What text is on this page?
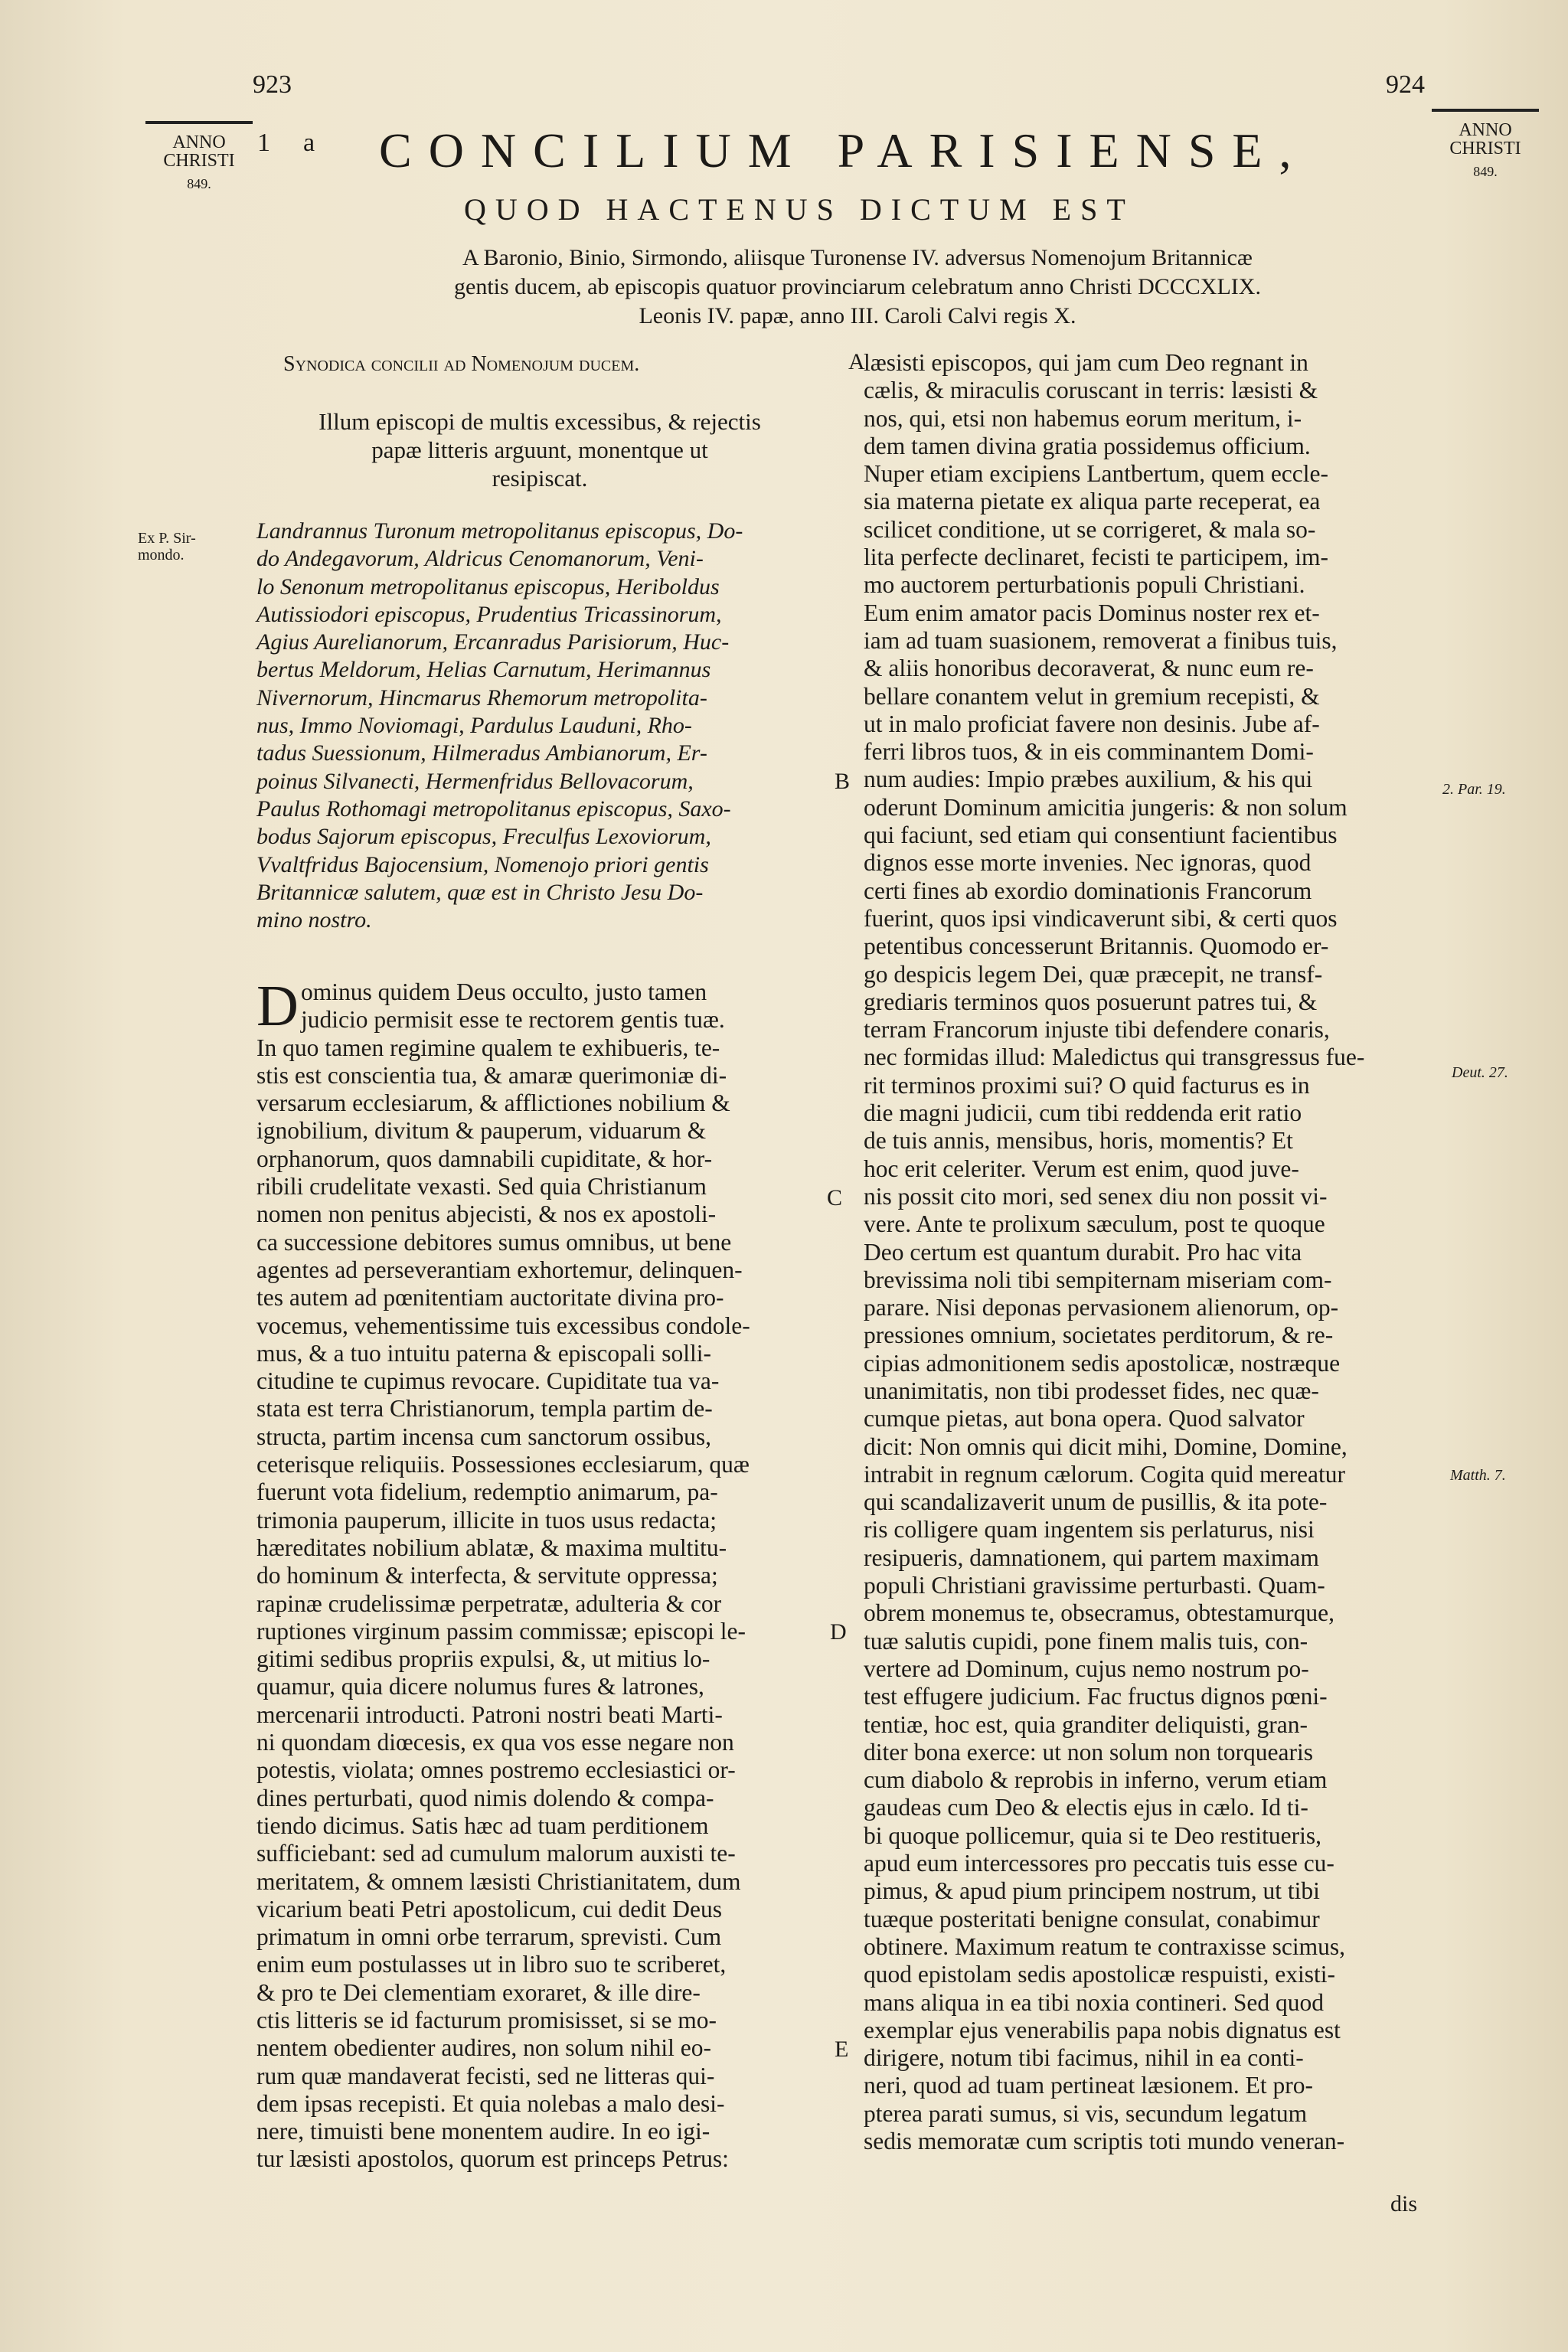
923	924
ANNO
CHRISTI
849.
ANNO
CHRISTI
849.
1 a CONCILIUM PARISIENSE,
QUOD HACTENUS DICTUM EST
A Baronio, Binio, Sirmondo, aliisque Turonense IV. adversus Nomenojum Britannicæ
gentis ducem, ab episcopis quatuor provinciarum celebratum anno Christi DCCCXLIX.
Leonis IV. papæ, anno III. Caroli Calvi regis X.
Synodica concilii ad Nomenojum ducem.
Illum episcopi de multis excessibus, & rejectis
papæ litteris arguunt, monentque ut
resipiscat.
Ex P. Sir- mondo.
Landrannus Turonum metropolitanus episcopus, Do-
do Andegavorum, Aldricus Cenomanorum, Veni-
lo Senonum metropolitanus episcopus, Heriboldus
Autissiodori episcopus, Prudentius Tricassinorum,
Agius Aurelianorum, Ercanradus Parisiorum, Huc-
bertus Meldorum, Helias Carnutum, Herimannus
Nivernorum, Hincmarus Rhemorum metropolita-
nus, Immo Noviomagi, Pardulus Lauduni, Rho-
tadus Suessionum, Hilmeradus Ambianorum, Er-
poinus Silvanecti, Hermenfridus Bellovacorum,
Paulus Rothomagi metropolitanus episcopus, Saxo-
bodus Sajorum episcopus, Freculfus Lexoviorum,
Vvaltfridus Bajocensium, Nomenojo priori gentis
Britannicæ salutem, quæ est in Christo Jesu Do-
mino nostro.
D ominus quidem Deus occulto, justo tamen
judicio permisit esse te rectorem gentis tuæ.
In quo tamen regimine qualem te exhibueris, te-
stis est conscientia tua, & amaræ querimoniæ di-
versarum ecclesiarum, & afflictiones nobilium &
ignobilium, divitum & pauperum, viduarum &
orphanorum, quos damnabili cupiditate, & hor-
ribili crudelitate vexasti. Sed quia Christianum
nomen non penitus abjecisti, & nos ex apostoli-
ca successione debitores sumus omnibus, ut bene
agentes ad perseverantiam exhortemur, delinquen-
tes autem ad pœnitentiam auctoritate divina pro-
vocemus, vehementissime tuis excessibus condole-
mus, & a tuo intuitu paterna & episcopali solli-
citudine te cupimus revocare. Cupiditate tua va-
stata est terra Christianorum, templa partim de-
structa, partim incensa cum sanctorum ossibus,
ceterisque reliquiis. Possessiones ecclesiarum, quæ
fuerunt vota fidelium, redemptio animarum, pa-
trimonia pauperum, illicite in tuos usus redacta;
hæreditates nobilium ablatæ, & maxima multitu-
do hominum & interfecta, & servitute oppressa;
rapinæ crudelissimæ perpetratæ, adulteria & cor
ruptiones virginum passim commissæ; episcopi le-
gitimi sedibus propriis expulsi, &, ut mitius lo-
quamur, quia dicere nolumus fures & latrones,
mercenarii introducti. Patroni nostri beati Marti-
ni quondam diœcesis, ex qua vos esse negare non
potestis, violata; omnes postremo ecclesiastici or-
dines perturbati, quod nimis dolendo & compa-
tiendo dicimus. Satis hæc ad tuam perditionem
sufficiebant: sed ad cumulum malorum auxisti te-
meritatem, & omnem læsisti Christianitatem, dum
vicarium beati Petri apostolicum, cui dedit Deus
primatum in omni orbe terrarum, sprevisti. Cum
enim eum postulasses ut in libro suo te scriberet,
& pro te Dei clementiam exoraret, & ille dire-
ctis litteris se id facturum promisisset, si se mo-
nentem obedienter audires, non solum nihil eo-
rum quæ mandaverat fecisti, sed ne litteras qui-
dem ipsas recepisti. Et quia nolebas a malo desi-
nere, timuisti bene monentem audire. In eo igi-
tur læsisti apostolos, quorum est princeps Petrus:
læsisti episcopos, qui jam cum Deo regnant in
cælis, & miraculis coruscant in terris: læsisti &
nos, qui, etsi non habemus eorum meritum, i-
dem tamen divina gratia possidemus officium.
Nuper etiam excipiens Lantbertum, quem eccle-
sia materna pietate ex aliqua parte receperat, ea
scilicet conditione, ut se corrigeret, & mala so-
lita perfecte declinaret, fecisti te participem, im-
mo auctorem perturbationis populi Christiani.
Eum enim amator pacis Dominus noster rex et-
iam ad tuam suasionem, removerat a finibus tuis,
& aliis honoribus decoraverat, & nunc eum re-
bellare conantem velut in gremium recepisti, &
ut in malo proficiat favere non desinis. Jube af-
ferri libros tuos, & in eis comminantem Domi-
num audies: Impio præbes auxilium, & his qui
oderunt Dominum amicitia jungeris: & non solum
qui faciunt, sed etiam qui consentiunt facientibus
dignos esse morte invenies. Nec ignoras, quod
certi fines ab exordio dominationis Francorum
fuerint, quos ipsi vindicaverunt sibi, & certi quos
petentibus concesserunt Britannis. Quomodo er-
go despicis legem Dei, quæ præcepit, ne transf-
grediaris terminos quos posuerunt patres tui, &
terram Francorum injuste tibi defendere conaris,
nec formidas illud: Maledictus qui transgressus fue-
rit terminos proximi sui? O quid facturus es in
die magni judicii, cum tibi reddenda erit ratio
de tuis annis, mensibus, horis, momentis? Et
hoc erit celeriter. Verum est enim, quod juve-
nis possit cito mori, sed senex diu non possit vi-
vere. Ante te prolixum sæculum, post te quoque
Deo certum est quantum durabit. Pro hac vita
brevissima noli tibi sempiternam miseriam com-
parare. Nisi deponas pervasionem alienorum, op-
pressiones omnium, societates perditorum, & re-
cipias admonitionem sedis apostolicæ, nostræque
unanimitatis, non tibi prodesset fides, nec quæ-
cumque pietas, aut bona opera. Quod salvator
dicit: Non omnis qui dicit mihi, Domine, Domine,
intrabit in regnum cælorum. Cogita quid mereatur
qui scandalizaverit unum de pusillis, & ita pote-
ris colligere quam ingentem sis perlaturus, nisi
resipueris, damnationem, qui partem maximam
populi Christiani gravissime perturbasti. Quam-
obrem monemus te, obsecramus, obtestamurque,
tuæ salutis cupidi, pone finem malis tuis, con-
vertere ad Dominum, cujus nemo nostrum po-
test effugere judicium. Fac fructus dignos pœni-
tentiæ, hoc est, quia granditer deliquisti, gran-
diter bona exerce: ut non solum non torquearis
cum diabolo & reprobis in inferno, verum etiam
gaudeas cum Deo & electis ejus in cælo. Id ti-
bi quoque pollicemur, quia si te Deo restitueris,
apud eum intercessores pro peccatis tuis esse cu-
pimus, & apud pium principem nostrum, ut tibi
tuæque posteritati benigne consulat, conabimur
obtinere. Maximum reatum te contraxisse scimus,
quod epistolam sedis apostolicæ respuisti, existi-
mans aliqua in ea tibi noxia contineri. Sed quod
exemplar ejus venerabilis papa nobis dignatus est
dirigere, notum tibi facimus, nihil in ea conti-
neri, quod ad tuam pertineat læsionem. Et pro-
pterea parati sumus, si vis, secundum legatum
sedis memoratæ cum scriptis toti mundo veneran-
A
B
C
D
E
2. Par. 19.
Deut. 27.
Matth. 7.
dis
